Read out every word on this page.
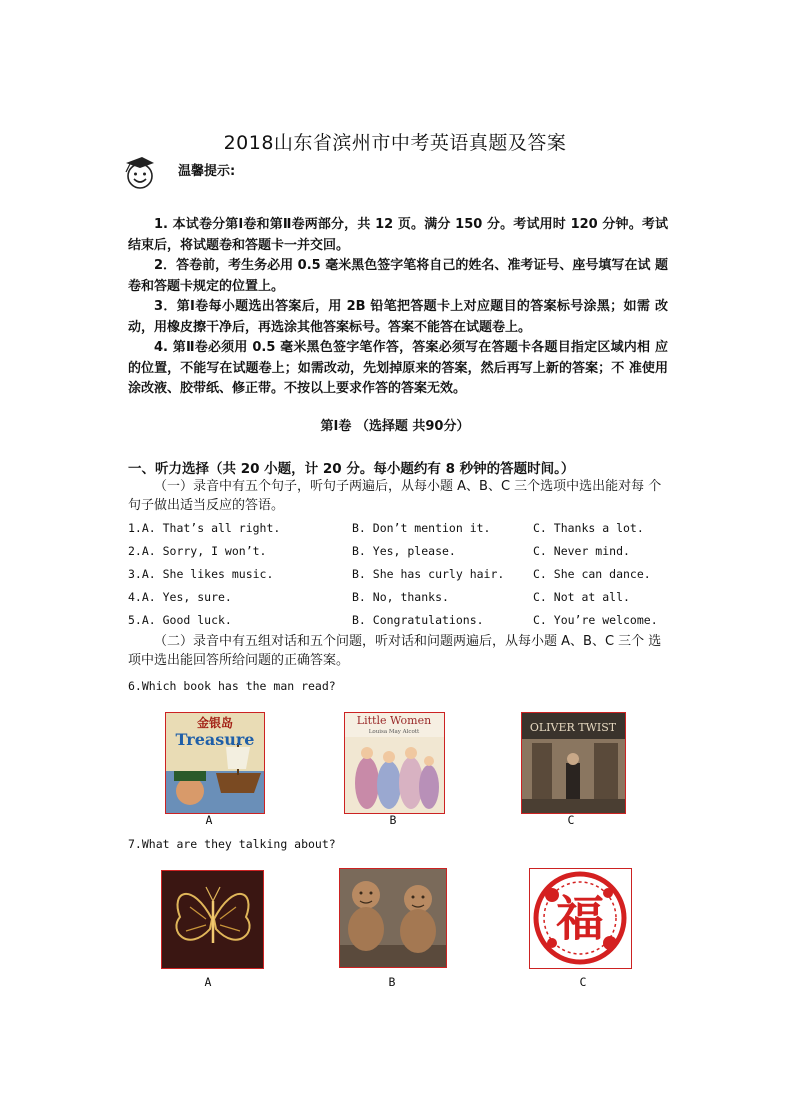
2018山东省滨州市中考英语真题及答案
温馨提示:

1. 本试卷分第Ⅰ卷和第Ⅱ卷两部分，共 12 页。满分 150 分。考试用时 120 分钟。考试 结束后，将试题卷和答题卡一并交回。

2．答卷前，考生务必用 0.5 毫米黑色签字笔将自己的姓名、准考证号、座号填写在试 题卷和答题卡规定的位置上。

3．第Ⅰ卷每小题选出答案后，用 2B 铅笔把答题卡上对应题目的答案标号涂黑；如需 改动，用橡皮擦干净后，再选涂其他答案标号。答案不能答在试题卷上。

4. 第Ⅱ卷必须用 0.5 毫米黑色签字笔作答，答案必须写在答题卡各题目指定区域内相 应的位置，不能写在试题卷上；如需改动，先划掉原来的答案，然后再写上新的答案；不 准使用涂改液、胶带纸、修正带。不按以上要求作答的答案无效。

第Ⅰ卷 （选择题 共90分）
一、听力选择（共 20 小题，计 20 分。每小题约有 8 秒钟的答题时间。）

（一）录音中有五个句子，听句子两遍后，从每小题 A、B、C 三个选项中选出能对每 个句子做出适当反应的答语。

1.A. That’s all right.	B. Don’t mention it.	C. Thanks a lot.
2.A. Sorry, I won’t.	B. Yes, please.	C. Never mind.
3.A. She likes music.	B. She has curly hair. C. She can dance.
4.A. Yes, sure.	B. No, thanks.	C. Not at all.
5.A. Good luck.	B. Congratulations.	C. You’re welcome.

（二）录音中有五组对话和五个问题，听对话和问题两遍后，从每小题 A、B、C 三个 选项中选出能回答所给问题的正确答案。

6.Which book has the man read?
金银岛
Treasure
A
Little Women
Louisa May Alcott
B
OLIVER TWIST
C
7.What are they talking about?
A	B
福
C
